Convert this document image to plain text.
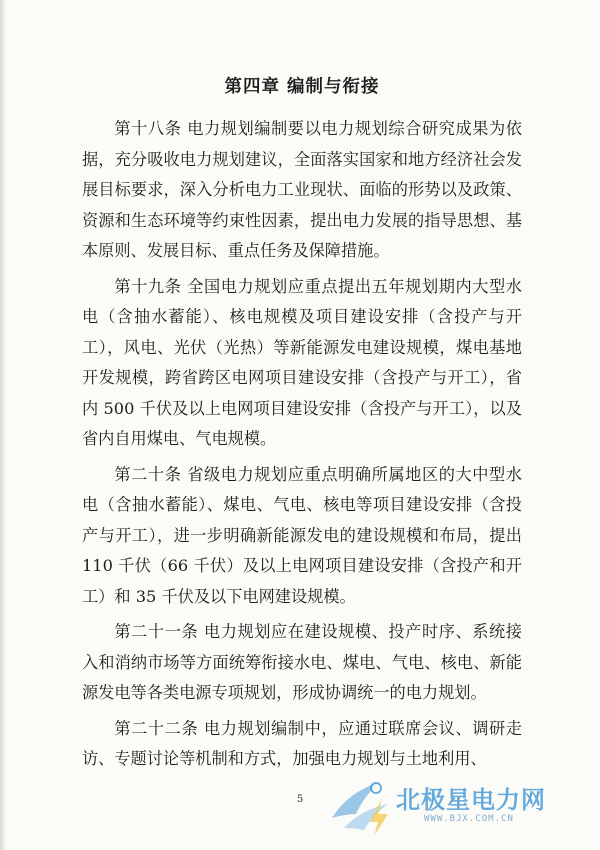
第四章 编制与衔接

第十八条 电力规划编制要以电力规划综合研究成果为依据，充分吸收电力规划建议，全面落实国家和地方经济社会发展目标要求，深入分析电力工业现状、面临的形势以及政策、资源和生态环境等约束性因素，提出电力发展的指导思想、基本原则、发展目标、重点任务及保障措施。

第十九条 全国电力规划应重点提出五年规划期内大型水电（含抽水蓄能）、核电规模及项目建设安排（含投产与开工），风电、光伏（光热）等新能源发电建设规模，煤电基地开发规模，跨省跨区电网项目建设安排（含投产与开工），省内 500 千伏及以上电网项目建设安排（含投产与开工），以及省内自用煤电、气电规模。

第二十条 省级电力规划应重点明确所属地区的大中型水电（含抽水蓄能）、煤电、气电、核电等项目建设安排（含投产与开工），进一步明确新能源发电的建设规模和布局，提出 110 千伏（66 千伏）及以上电网项目建设安排（含投产和开工）和 35 千伏及以下电网建设规模。

第二十一条 电力规划应在建设规模、投产时序、系统接入和消纳市场等方面统筹衔接水电、煤电、气电、核电、新能源发电等各类电源专项规划，形成协调统一的电力规划。

第二十二条 电力规划编制中，应通过联席会议、调研走访、专题讨论等机制和方式，加强电力规划与土地利用、

5	北极星电力网
WWW.BJX.COM.CN
